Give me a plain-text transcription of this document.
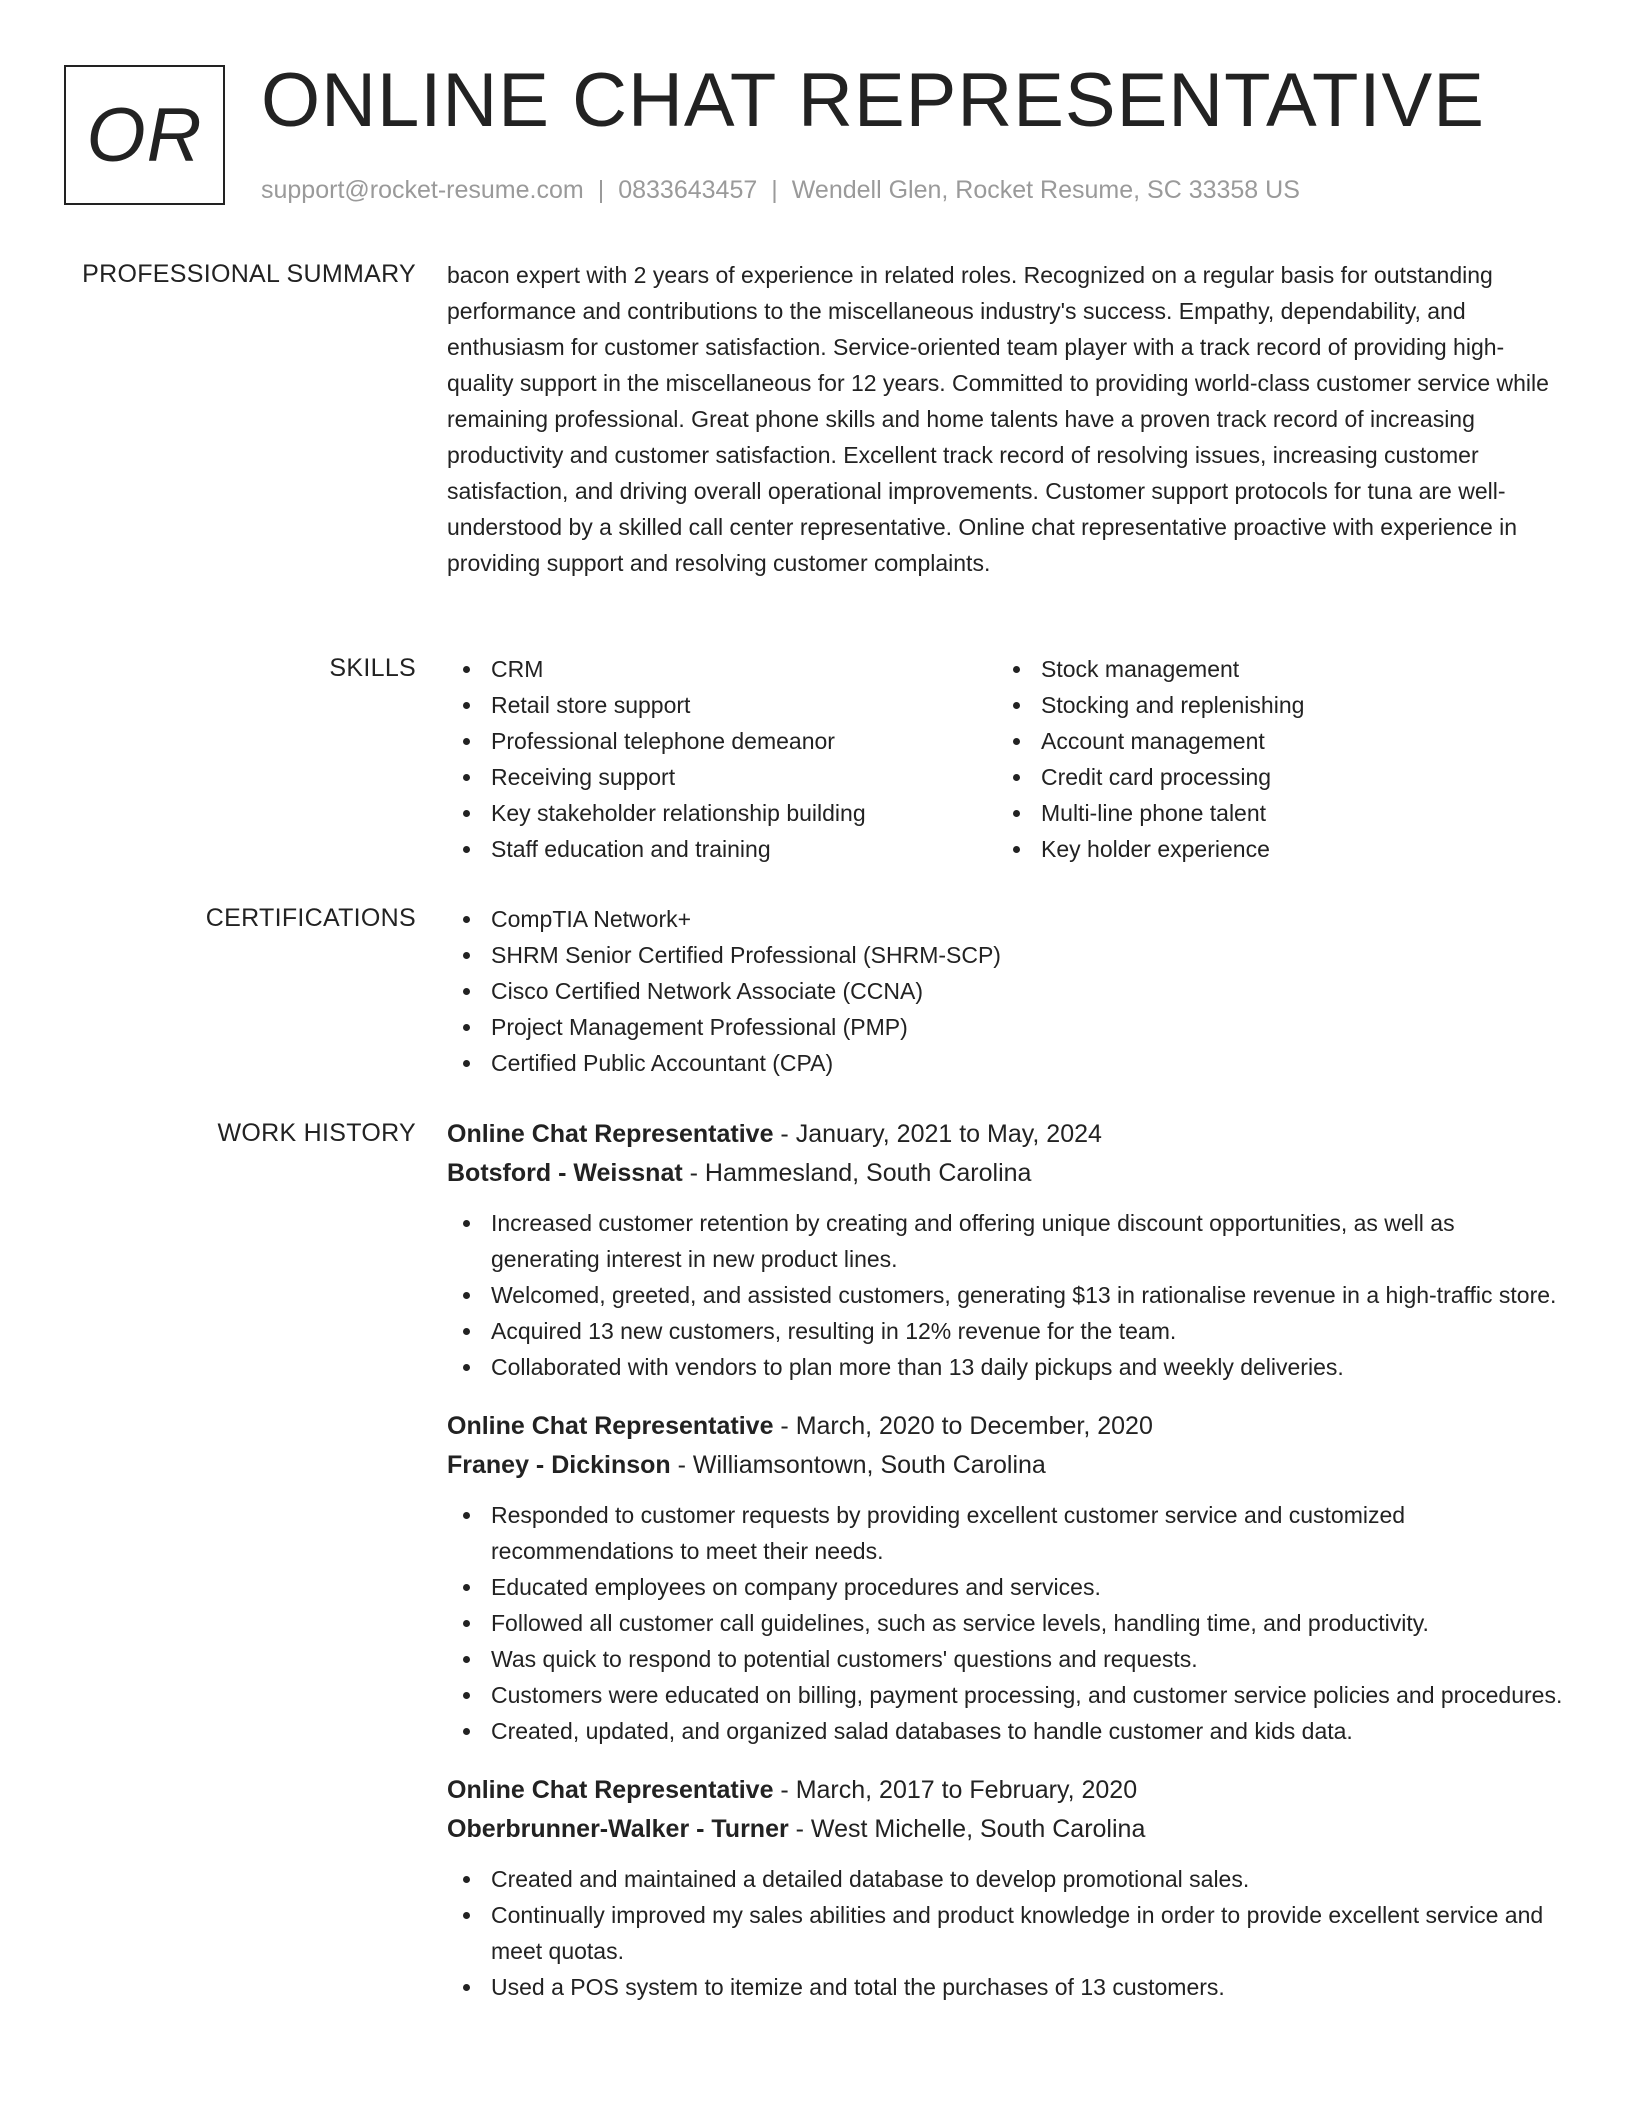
OR ONLINE CHAT REPRESENTATIVE
support@rocket-resume.com | 0833643457 | Wendell Glen, Rocket Resume, SC 33358 US
PROFESSIONAL SUMMARY bacon expert with 2 years of experience in related roles. Recognized on a regular basis for outstanding performance and contributions to the miscellaneous industry's success. Empathy, dependability, and enthusiasm for customer satisfaction. Service-oriented team player with a track record of providing high-quality support in the miscellaneous for 12 years. Committed to providing world-class customer service while remaining professional. Great phone skills and home talents have a proven track record of increasing productivity and customer satisfaction. Excellent track record of resolving issues, increasing customer satisfaction, and driving overall operational improvements. Customer support protocols for tuna are well-understood by a skilled call center representative. Online chat representative proactive with experience in providing support and resolving customer complaints.

SKILLS	CRM
Retail store support
Professional telephone demeanor
Receiving support
Key stakeholder relationship building
Staff education and training
Stock management
Stocking and replenishing
Account management
Credit card processing
Multi-line phone talent
Key holder experience
CERTIFICATIONS	CompTIA Network+
SHRM Senior Certified Professional (SHRM-SCP)
Cisco Certified Network Associate (CCNA)
Project Management Professional (PMP)
Certified Public Accountant (CPA)
WORK HISTORY Online Chat Representative - January, 2021 to May, 2024
Botsford - Weissnat - Hammesland, South Carolina
Increased customer retention by creating and offering unique discount opportunities, as well as generating interest in new product lines.
Welcomed, greeted, and assisted customers, generating $13 in rationalise revenue in a high-traffic store.
Acquired 13 new customers, resulting in 12% revenue for the team.
Collaborated with vendors to plan more than 13 daily pickups and weekly deliveries.
Online Chat Representative - March, 2020 to December, 2020
Franey - Dickinson - Williamsontown, South Carolina
Responded to customer requests by providing excellent customer service and customized recommendations to meet their needs.
Educated employees on company procedures and services.
Followed all customer call guidelines, such as service levels, handling time, and productivity.
Was quick to respond to potential customers' questions and requests.
Customers were educated on billing, payment processing, and customer service policies and procedures.
Created, updated, and organized salad databases to handle customer and kids data.
Online Chat Representative - March, 2017 to February, 2020
Oberbrunner-Walker - Turner - West Michelle, South Carolina
Created and maintained a detailed database to develop promotional sales.
Continually improved my sales abilities and product knowledge in order to provide excellent service and meet quotas.
Used a POS system to itemize and total the purchases of 13 customers.
